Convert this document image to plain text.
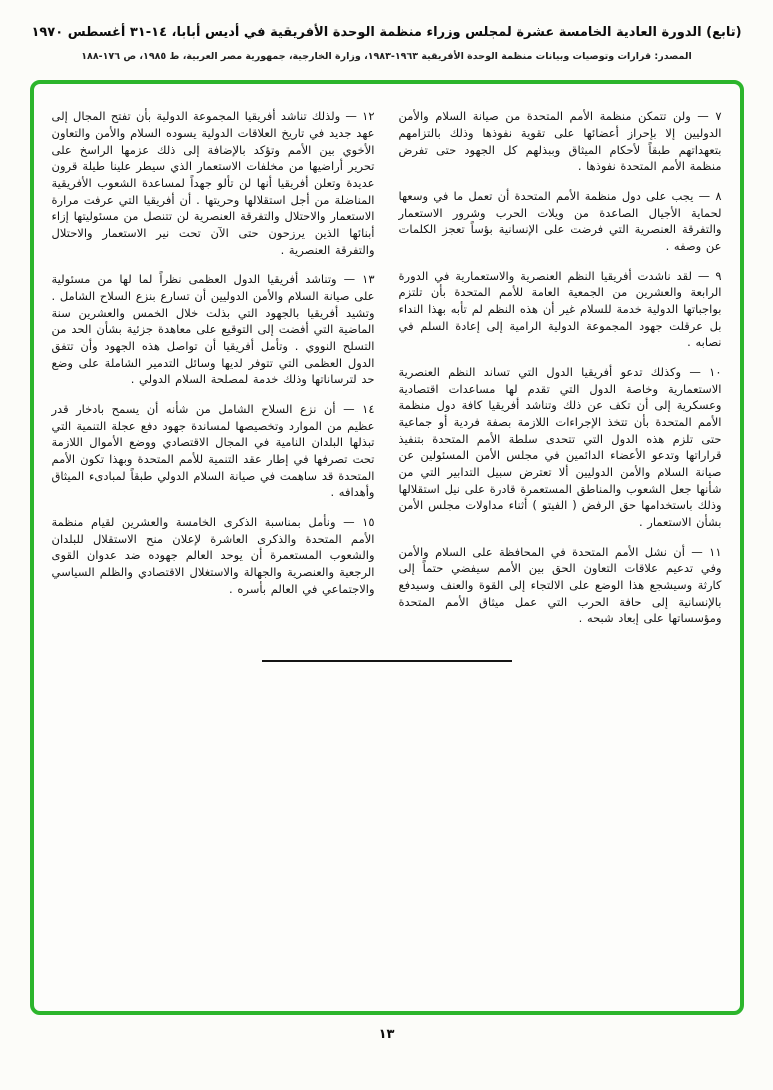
(تابع) الدورة العادية الخامسة عشرة لمجلس وزراء منظمة الوحدة الأفريقية في أديس أبابا، ١٤-٣١ أغسطس ١٩٧٠
المصدر: قرارات وتوصيات وبيانات منظمة الوحدة الأفريقية ١٩٦٣-١٩٨٣، وزارة الخارجية، جمهورية مصر العربية، ط ١٩٨٥، ص ١٧٦-١٨٨

٧ — ولن تتمكن منظمة الأمم المتحدة من صيانة السلام والأمن الدوليين إلا بإحراز أعضائها على تقوية نفوذها وذلك بالتزامهم بتعهداتهم طبقاً لأحكام الميثاق وببذلهم كل الجهود حتى تفرض منظمة الأمم المتحدة نفوذها .

٨ — يجب على دول منظمة الأمم المتحدة أن تعمل ما في وسعها لحماية الأجيال الصاعدة من ويلات الحرب وشرور الاستعمار والتفرقة العنصرية التي فرضت على الإنسانية بؤساً تعجز الكلمات عن وصفه .

٩ — لقد ناشدت أفريقيا النظم العنصرية والاستعمارية في الدورة الرابعة والعشرين من الجمعية العامة للأمم المتحدة بأن تلتزم بواجباتها الدولية خدمة للسلام غير أن هذه النظم لم تأبه بهذا النداء بل عرقلت جهود المجموعة الدولية الرامية إلى إعادة السلم في نصابه .

١٠ — وكذلك تدعو أفريقيا الدول التي تساند النظم العنصرية الاستعمارية وخاصة الدول التي تقدم لها مساعدات اقتصادية وعسكرية إلى أن تكف عن ذلك وتناشد أفريقيا كافة دول منظمة الأمم المتحدة بأن تتخذ الإجراءات اللازمة بصفة فردية أو جماعية حتى تلزم هذه الدول التي تتحدى سلطة الأمم المتحدة بتنفيذ قراراتها وتدعو الأعضاء الدائمين في مجلس الأمن المسئولين عن صيانة السلام والأمن الدوليين ألا تعترض سبيل التدابير التي من شأنها جعل الشعوب والمناطق المستعمرة قادرة على نيل استقلالها وذلك باستخدامها حق الرفض ( الفيتو ) أثناء مداولات مجلس الأمن بشأن الاستعمار .

١١ — أن نشل الأمم المتحدة في المحافظة على السلام والأمن وفي تدعيم علاقات التعاون الحق بين الأمم سيفضي حتماً إلى كارثة وسيشجع هذا الوضع على الالتجاء إلى القوة والعنف وسيدفع بالإنسانية إلى حافة الحرب التي عمل ميثاق الأمم المتحدة ومؤسساتها على إبعاد شبحه .

١٢ — ولذلك تناشد أفريقيا المجموعة الدولية بأن تفتح المجال إلى عهد جديد في تاريخ العلاقات الدولية يسوده السلام والأمن والتعاون الأخوي بين الأمم وتؤكد بالإضافة إلى ذلك عزمها الراسخ على تحرير أراضيها من مخلفات الاستعمار الذي سيطر علينا طيلة قرون عديدة وتعلن أفريقيا أنها لن تألو جهداً لمساعدة الشعوب الأفريقية المناضلة من أجل استقلالها وحريتها . أن أفريقيا التي عرفت مرارة الاستعمار والاحتلال والتفرقة العنصرية لن تتنصل من مسئوليتها إزاء أبنائها الذين يرزحون حتى الآن تحت نير الاستعمار والاحتلال والتفرقة العنصرية .

١٣ — وتناشد أفريقيا الدول العظمى نظراً لما لها من مسئولية على صيانة السلام والأمن الدوليين أن تسارع بنزع السلاح الشامل . وتشيد أفريقيا بالجهود التي بذلت خلال الخمس والعشرين سنة الماضية التي أفضت إلى التوقيع على معاهدة جزئية بشأن الحد من التسلح النووي . وتأمل أفريقيا أن تواصل هذه الجهود وأن تتفق الدول العظمى التي تتوفر لديها وسائل التدمير الشاملة على وضع حد لترساناتها وذلك خدمة لمصلحة السلام الدولي .

١٤ — أن نزع السلاح الشامل من شأنه أن يسمح بادخار قدر عظيم من الموارد وتخصيصها لمساندة جهود دفع عجلة التنمية التي تبذلها البلدان النامية في المجال الاقتصادي ووضع الأموال اللازمة تحت تصرفها في إطار عقد التنمية للأمم المتحدة وبهذا تكون الأمم المتحدة قد ساهمت في صيانة السلام الدولي طبقاً لمبادىء الميثاق وأهدافه .

١٥ — ونأمل بمناسبة الذكرى الخامسة والعشرين لقيام منظمة الأمم المتحدة والذكرى العاشرة لإعلان منح الاستقلال للبلدان والشعوب المستعمرة أن يوحد العالم جهوده ضد عدوان القوى الرجعية والعنصرية والجهالة والاستغلال الاقتصادي والظلم السياسي والاجتماعي في العالم بأسره .

١٣
